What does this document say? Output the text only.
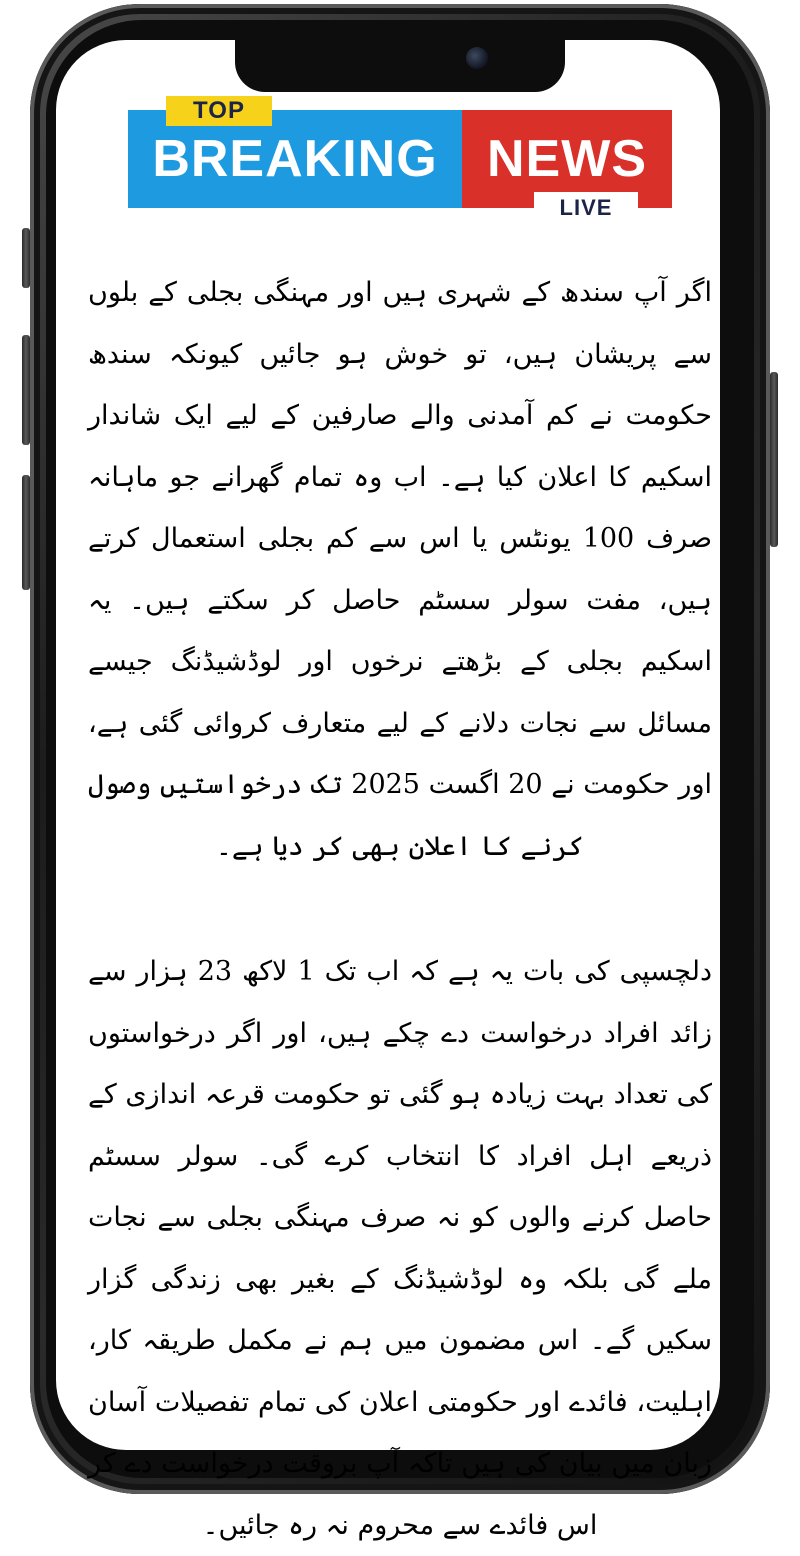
BREAKING NEWS
TOP
LIVE

اگر آپ سندھ کے شہری ہیں اور مہنگی بجلی کے بلوں سے پریشان ہیں، تو خوش ہو جائیں کیونکہ سندھ حکومت نے کم آمدنی والے صارفین کے لیے ایک شاندار اسکیم کا اعلان کیا ہے۔ اب وہ تمام گھرانے جو ماہانہ صرف 100 یونٹس یا اس سے کم بجلی استعمال کرتے ہیں، مفت سولر سسٹم حاصل کر سکتے ہیں۔ یہ اسکیم بجلی کے بڑھتے نرخوں اور لوڈشیڈنگ جیسے مسائل سے نجات دلانے کے لیے متعارف کروائی گئی ہے، اور حکومت نے 20 اگست 2025 تک درخواستیں وصول کرنے کا اعلان بھی کر دیا ہے۔

دلچسپی کی بات یہ ہے کہ اب تک 1 لاکھ 23 ہزار سے زائد افراد درخواست دے چکے ہیں، اور اگر درخواستوں کی تعداد بہت زیادہ ہو گئی تو حکومت قرعہ اندازی کے ذریعے اہل افراد کا انتخاب کرے گی۔ سولر سسٹم حاصل کرنے والوں کو نہ صرف مہنگی بجلی سے نجات ملے گی بلکہ وہ لوڈشیڈنگ کے بغیر بھی زندگی گزار سکیں گے۔ اس مضمون میں ہم نے مکمل طریقہ کار، اہلیت، فائدے اور حکومتی اعلان کی تمام تفصیلات آسان زبان میں بیان کی ہیں تاکہ آپ بروقت درخواست دے کر اس فائدے سے محروم نہ رہ جائیں۔
